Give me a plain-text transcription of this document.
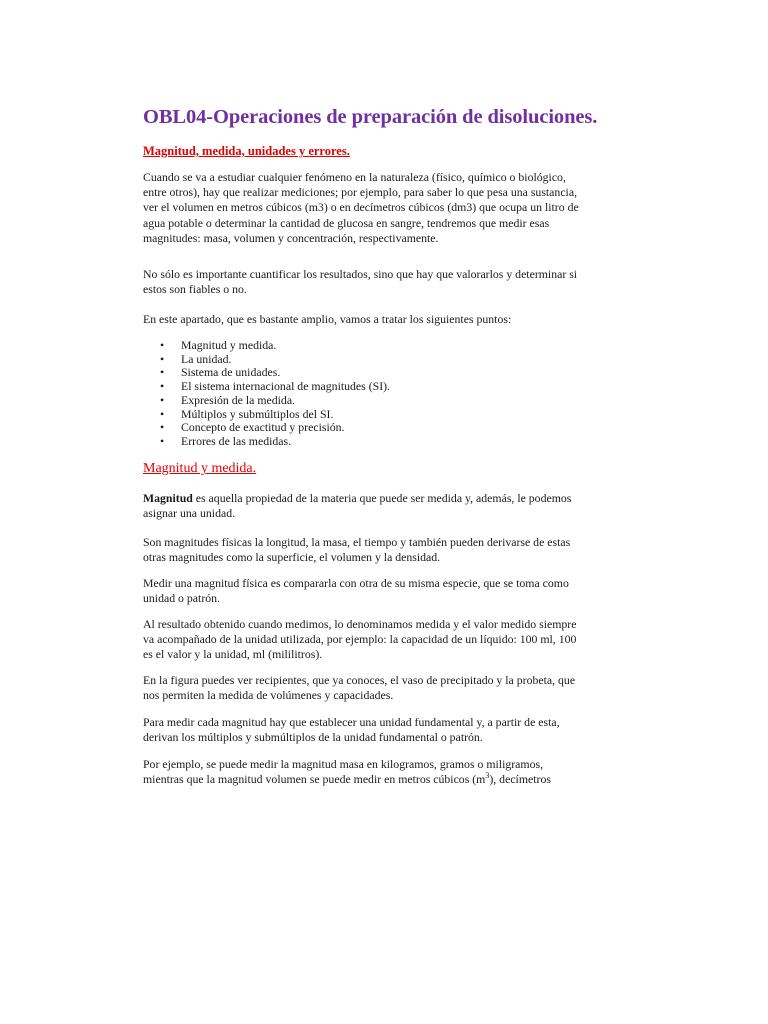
OBL04-Operaciones de preparación de disoluciones.
Magnitud, medida, unidades y errores.

Cuando se va a estudiar cualquier fenómeno en la naturaleza (físico, químico o biológico, entre otros), hay que realizar mediciones; por ejemplo, para saber lo que pesa una sustancia, ver el volumen en metros cúbicos (m3) o en decímetros cúbicos (dm3) que ocupa un litro de agua potable o determinar la cantidad de glucosa en sangre, tendremos que medir esas magnitudes: masa, volumen y concentración, respectivamente.

No sólo es importante cuantificar los resultados, sino que hay que valorarlos y determinar si estos son fiables o no.

En este apartado, que es bastante amplio, vamos a tratar los siguientes puntos:

• Magnitud y medida.
• La unidad.
• Sistema de unidades.
• El sistema internacional de magnitudes (SI).
• Expresión de la medida.
• Múltiplos y submúltiplos del SI.
• Concepto de exactitud y precisión.
• Errores de las medidas.
Magnitud y medida.

Magnitud es aquella propiedad de la materia que puede ser medida y, además, le podemos asignar una unidad.

Son magnitudes físicas la longitud, la masa, el tiempo y también pueden derivarse de estas otras magnitudes como la superficie, el volumen y la densidad.

Medir una magnitud física es compararla con otra de su misma especie, que se toma como unidad o patrón.

Al resultado obtenido cuando medimos, lo denominamos medida y el valor medido siempre va acompañado de la unidad utilizada, por ejemplo: la capacidad de un líquido: 100 ml, 100 es el valor y la unidad, ml (mililitros).

En la figura puedes ver recipientes, que ya conoces, el vaso de precipitado y la probeta, que nos permiten la medida de volúmenes y capacidades.

Para medir cada magnitud hay que establecer una unidad fundamental y, a partir de esta, derivan los múltiplos y submúltiplos de la unidad fundamental o patrón.

Por ejemplo, se puede medir la magnitud masa en kilogramos, gramos o miligramos, mientras que la magnitud volumen se puede medir en metros cúbicos $(m^3)$, decímetros
